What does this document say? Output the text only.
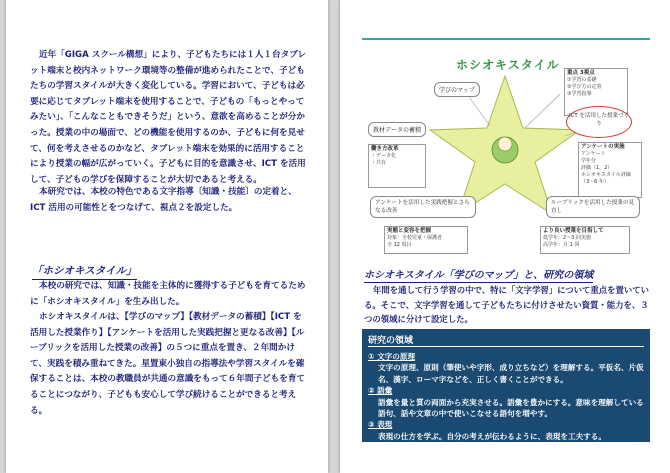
近年「GIGA スクール構想」により、子どもたちには１人１台タブレット端末と校内ネットワーク環境等の整備が進められたことで、子どもたちの学習スタイルが大きく変化している。学習において、子どもは必要に応じてタブレット端末を使用することで、子どもの「もっとやってみたい」、「こんなこともできそうだ」という、意欲を高めることが分かった。授業の中の場面で、どの機能を使用するのか、子どもに何を見せて、何を考えさせるのかなど、タブレット端末を効果的に活用することにより授業の幅が広がっていく。子どもに目的を意識させ、ICT を活用して、子どもの学びを保障することが大切であると考える。

本研究では、本校の特色である文字指導〔知識・技能〕の定着と、ICT 活用の可能性とをつなげて、視点２を設定した。

「ホシオキスタイル」

本校の研究では、知識・技能を主体的に獲得する子どもを育てるために「ホシオキスタイル」を生み出した。

ホシオキスタイルは、【学びのマップ】【教材データの蓄積】【ICT を活用した授業作り】【アンケートを活用した実践把握と更なる改善】【ルーブリックを活用した授業の改善】の５つに重点を置き、２年間かけて、実践を積み重ねてきた。星置東小独自の指導法や学習スタイルを確保することは、本校の教職員が共通の意識をもって６年間子どもを育てることにつながり、子どもも安心して学び続けることができると考える。

ホシオキスタイル
重点 3視点
①学習の基礎
②学び方の定着
③学習指導
学びのマップ
教材データの蓄積
ICT を活用した授業づくり
働き方改革
・データ化
・共有
アンケートの実施
アンケート
学年分
評価（1，2）
ホシオキスタイル評価
（3～6 年）
アンケートを活用した実践把握とさらなる改善
ルーブリックを活用した授業の見直し
実態と変容を把握
対象：全校児童・保護者
全 12 項目
より良い授業を目指して
低学年：2～3 回実施
高学年：月 1 回
ホシオキスタイル「学びのマップ」と、研究の領域

年間を通して行う学習の中で、特に「文字学習」について重点を置いている。そこで、文字学習を通して子どもたちに付けさせたい資質・能力を、３つの領域に分けて設定した。

研究の領域
① 文字の原理
文字の原理、原則（筆使いや字形、成り立ちなど）を理解する。平仮名、片仮名、漢字、ローマ字などを、正しく書くことができる。
② 語彙
語彙を量と質の両面から充実させる。語彙を豊かにする。意味を理解している語句、話や文章の中で使いこなせる語句を増やす。
③ 表現
表現の仕方を学ぶ。自分の考えが伝わるように、表現を工夫する。
